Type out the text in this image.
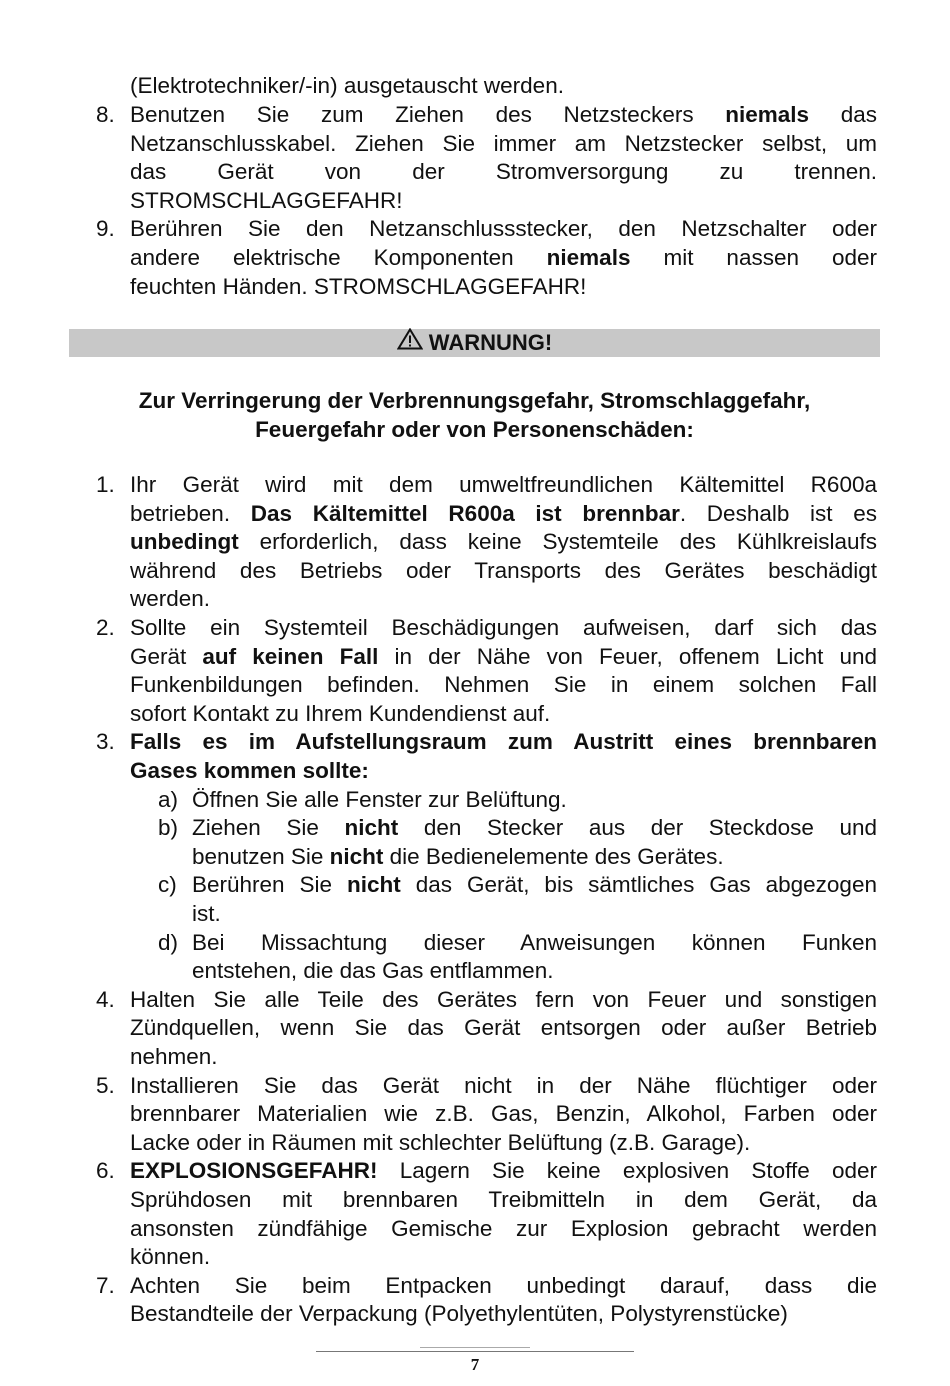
(Elektrotechniker/-in) ausgetauscht werden.
8. Benutzen Sie zum Ziehen des Netzsteckers niemals das
Netzanschlusskabel. Ziehen Sie immer am Netzstecker selbst, um
das Gerät von der Stromversorgung zu trennen.
STROMSCHLAGGEFAHR!
9. Berühren Sie den Netzanschlussstecker, den Netzschalter oder
andere elektrische Komponenten niemals mit nassen oder
feuchten Händen. STROMSCHLAGGEFAHR!
WARNUNG!
Zur Verringerung der Verbrennungsgefahr, Stromschlaggefahr,
Feuergefahr oder von Personenschäden:
1. Ihr Gerät wird mit dem umweltfreundlichen Kältemittel R600a
betrieben. Das Kältemittel R600a ist brennbar. Deshalb ist es
unbedingt erforderlich, dass keine Systemteile des Kühlkreislaufs
während des Betriebs oder Transports des Gerätes beschädigt
werden.
2. Sollte ein Systemteil Beschädigungen aufweisen, darf sich das
Gerät auf keinen Fall in der Nähe von Feuer, offenem Licht und
Funkenbildungen befinden. Nehmen Sie in einem solchen Fall
sofort Kontakt zu Ihrem Kundendienst auf.
3. Falls es im Aufstellungsraum zum Austritt eines brennbaren
Gases kommen sollte:
a) Öffnen Sie alle Fenster zur Belüftung.
b) Ziehen Sie nicht den Stecker aus der Steckdose und
benutzen Sie nicht die Bedienelemente des Gerätes.
c) Berühren Sie nicht das Gerät, bis sämtliches Gas abgezogen
ist.
d) Bei Missachtung dieser Anweisungen können Funken
entstehen, die das Gas entflammen.
4. Halten Sie alle Teile des Gerätes fern von Feuer und sonstigen
Zündquellen, wenn Sie das Gerät entsorgen oder außer Betrieb
nehmen.
5. Installieren Sie das Gerät nicht in der Nähe flüchtiger oder
brennbarer Materialien wie z.B. Gas, Benzin, Alkohol, Farben oder
Lacke oder in Räumen mit schlechter Belüftung (z.B. Garage).
6. EXPLOSIONSGEFAHR! Lagern Sie keine explosiven Stoffe oder
Sprühdosen mit brennbaren Treibmitteln in dem Gerät, da
ansonsten zündfähige Gemische zur Explosion gebracht werden
können.
7. Achten Sie beim Entpacken unbedingt darauf, dass die
Bestandteile der Verpackung (Polyethylentüten, Polystyrenstücke)
7
